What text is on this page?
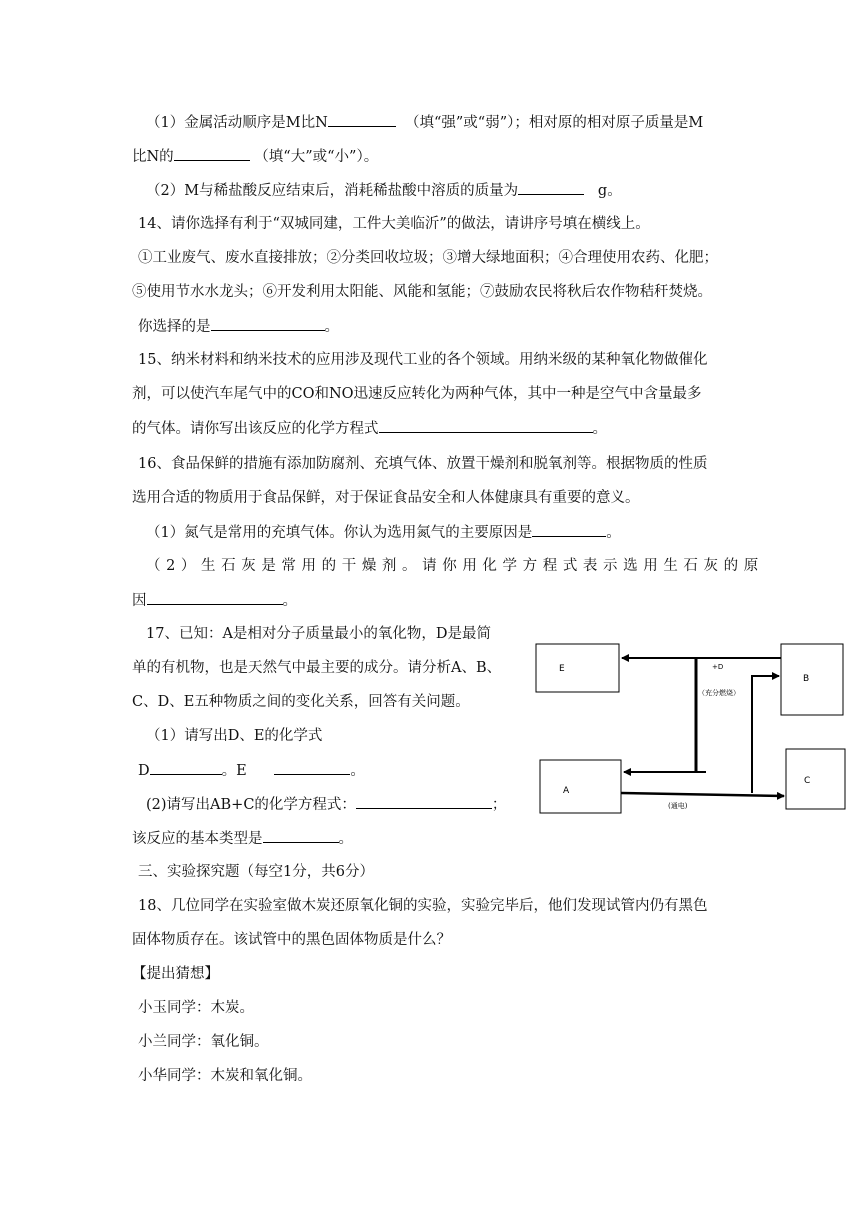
（1）金属活动顺序是M比N	（填“强”或“弱”）；相对原的相对原子质量是M
比N的	（填“大”或“小”）。
（2）M与稀盐酸反应结束后，消耗稀盐酸中溶质的质量为	g。
14、请你选择有利于“双城同建，工件大美临沂”的做法，请讲序号填在横线上。
①工业废气、废水直接排放；②分类回收垃圾；③增大绿地面积；④合理使用农药、化肥；
⑤使用节水水龙头；⑥开发利用太阳能、风能和氢能；⑦鼓励农民将秋后农作物秸秆焚烧。
你选择的是	。
15、纳米材料和纳米技术的应用涉及现代工业的各个领域。用纳米级的某种氧化物做催化
剂，可以使汽车尾气中的CO和NO迅速反应转化为两种气体，其中一种是空气中含量最多
的气体。请你写出该反应的化学方程式	。
16、食品保鲜的措施有添加防腐剂、充填气体、放置干燥剂和脱氧剂等。根据物质的性质
选用合适的物质用于食品保鲜，对于保证食品安全和人体健康具有重要的意义。
（1）氮气是常用的充填气体。你认为选用氮气的主要原因是	。
（2）生石灰是常用的干燥剂。请你用化学方程式表示选用生石灰的原
因	。
17、已知：A是相对分子质量最小的氧化物，D是最简
单的有机物，也是天然气中最主要的成分。请分析A、B、
C、D、E五种物质之间的变化关系，回答有关问题。
（1）请写出D、E的化学式
D	。E	。
(2)请写出AB+C的化学方程式：	；
该反应的基本类型是	。
E
B
A
C
+D
（充分燃烧）
(通电)
三、实验探究题（每空1分，共6分）
18、几位同学在实验室做木炭还原氧化铜的实验，实验完毕后，他们发现试管内仍有黑色
固体物质存在。该试管中的黑色固体物质是什么？
【提出猜想】
小玉同学：木炭。
小兰同学：氧化铜。
小华同学：木炭和氧化铜。
